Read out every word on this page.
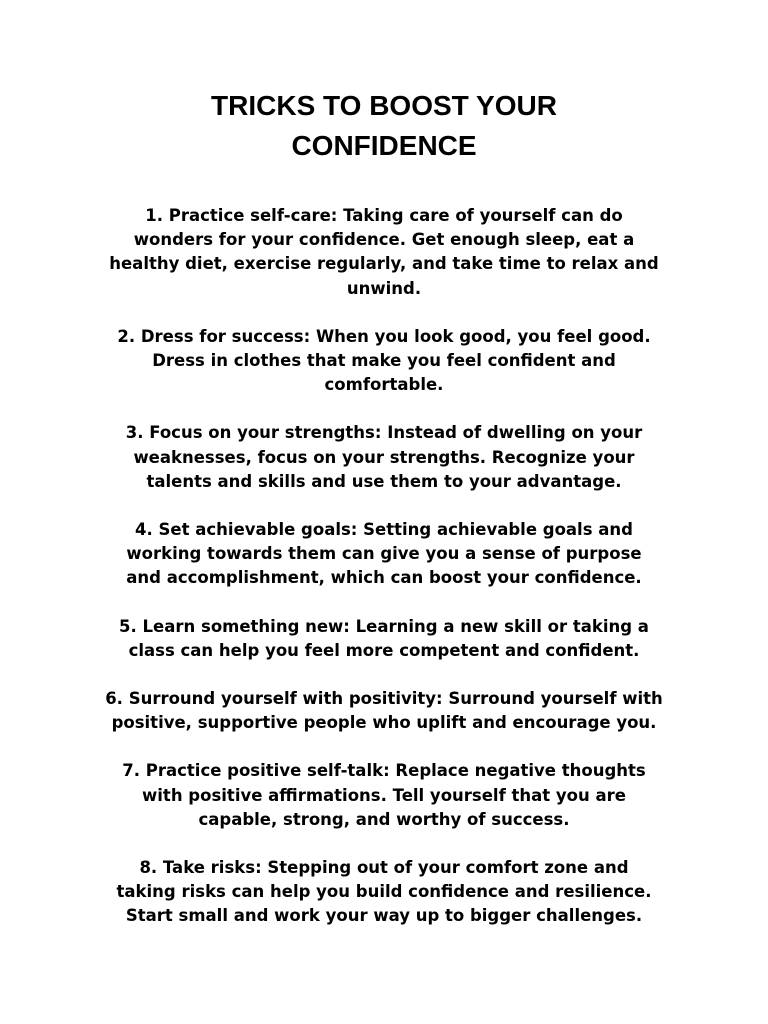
TRICKS TO BOOST YOUR
CONFIDENCE
1. Practice self-care: Taking care of yourself can do
wonders for your confidence. Get enough sleep, eat a
healthy diet, exercise regularly, and take time to relax and
unwind.
2. Dress for success: When you look good, you feel good.
Dress in clothes that make you feel confident and
comfortable.
3. Focus on your strengths: Instead of dwelling on your
weaknesses, focus on your strengths. Recognize your
talents and skills and use them to your advantage.
4. Set achievable goals: Setting achievable goals and
working towards them can give you a sense of purpose
and accomplishment, which can boost your confidence.
5. Learn something new: Learning a new skill or taking a
class can help you feel more competent and confident.
6. Surround yourself with positivity: Surround yourself with
positive, supportive people who uplift and encourage you.
7. Practice positive self-talk: Replace negative thoughts
with positive affirmations. Tell yourself that you are
capable, strong, and worthy of success.
8. Take risks: Stepping out of your comfort zone and
taking risks can help you build confidence and resilience.
Start small and work your way up to bigger challenges.
